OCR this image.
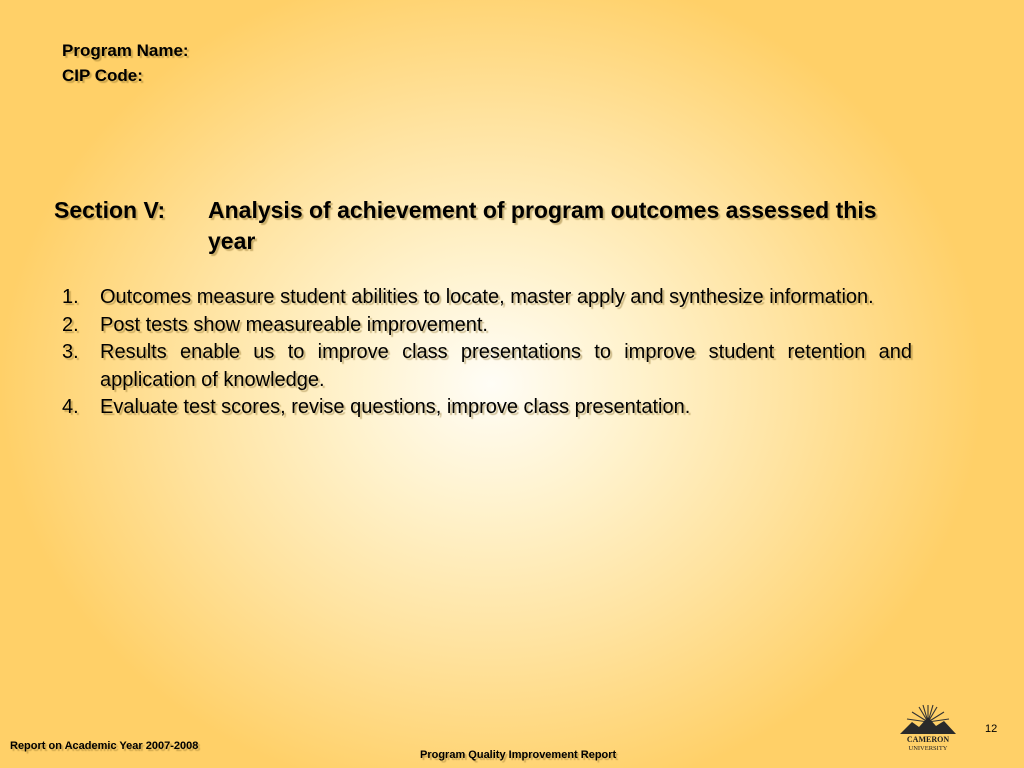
Program Name:
CIP Code:
Section V: Analysis of achievement of program outcomes assessed this year
1. Outcomes measure student abilities to locate, master apply and synthesize information.
2. Post tests show measureable improvement.
3. Results enable us to improve class presentations to improve student retention and application of knowledge.
4. Evaluate test scores, revise questions, improve class presentation.
Report on Academic Year 2007-2008
Program Quality Improvement Report
12
CAMERON
UNIVERSITY
